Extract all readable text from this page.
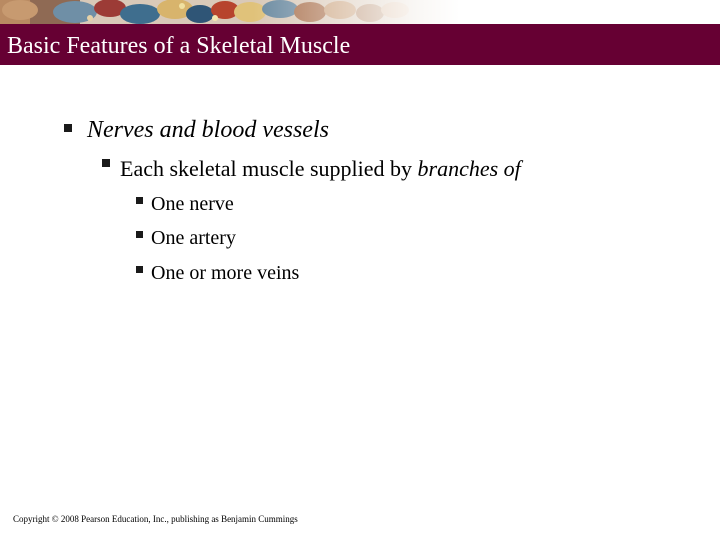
Basic Features of a Skeletal Muscle
Nerves and blood vessels
Each skeletal muscle supplied by branches of
One nerve
One artery
One or more veins
Copyright © 2008 Pearson Education, Inc., publishing as Benjamin Cummings
